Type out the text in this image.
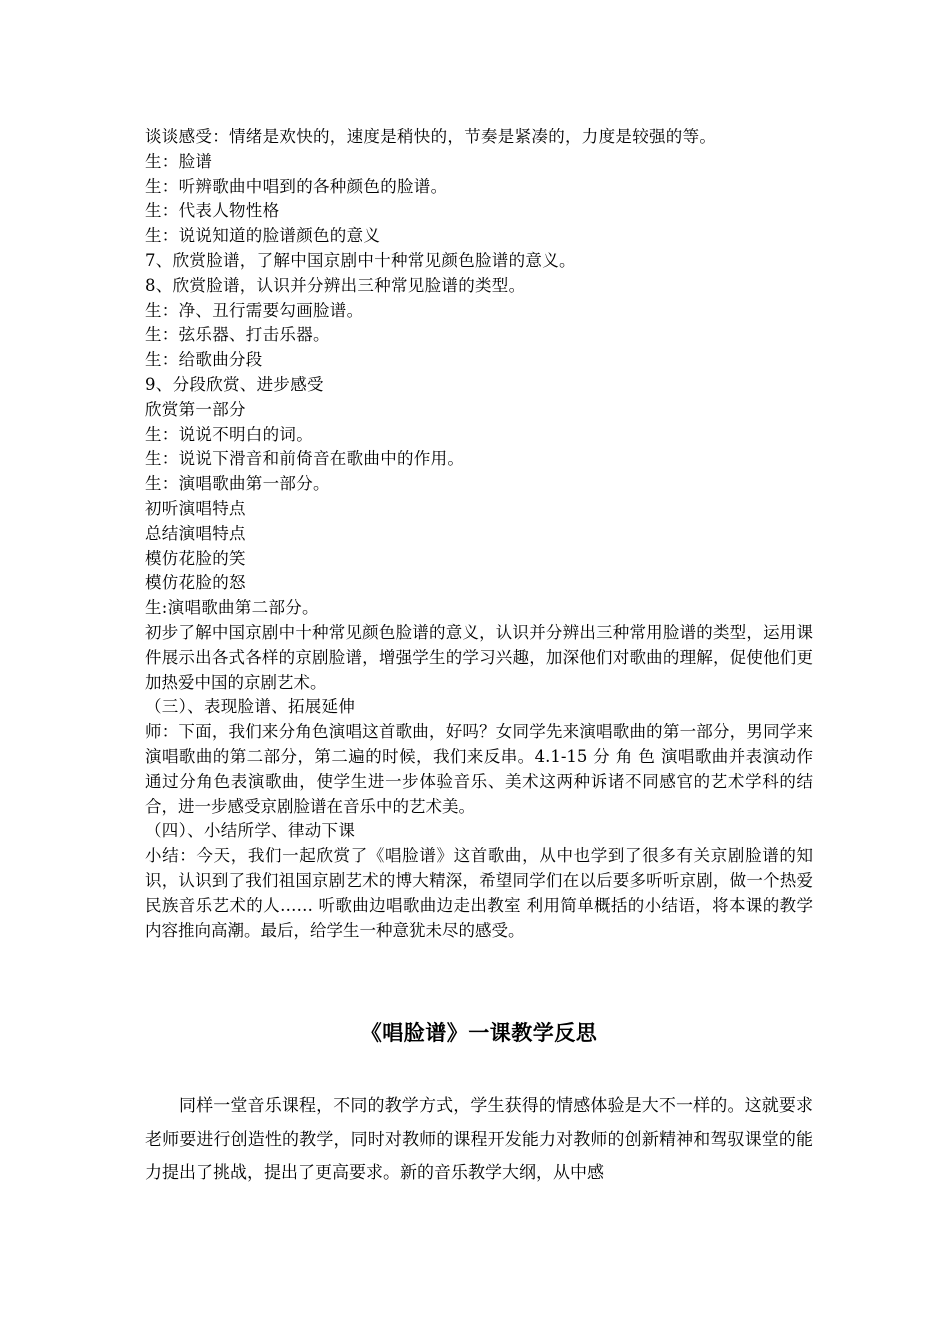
谈谈感受：情绪是欢快的，速度是稍快的，节奏是紧凑的，力度是较强的等。
生：脸谱
生：听辨歌曲中唱到的各种颜色的脸谱。
生：代表人物性格
生：说说知道的脸谱颜色的意义
7、欣赏脸谱，了解中国京剧中十种常见颜色脸谱的意义。
8、欣赏脸谱，认识并分辨出三种常见脸谱的类型。
生：净、丑行需要勾画脸谱。
生：弦乐器、打击乐器。
生：给歌曲分段
9、分段欣赏、进步感受
欣赏第一部分
生：说说不明白的词。
生：说说下滑音和前倚音在歌曲中的作用。
生：演唱歌曲第一部分。
初听演唱特点
总结演唱特点
模仿花脸的笑
模仿花脸的怒
生:演唱歌曲第二部分。
初步了解中国京剧中十种常见颜色脸谱的意义，认识并分辨出三种常用脸谱的类型，运用课件展示出各式各样的京剧脸谱，增强学生的学习兴趣，加深他们对歌曲的理解，促使他们更加热爱中国的京剧艺术。
（三）、表现脸谱、拓展延伸
师：下面，我们来分角色演唱这首歌曲，好吗？女同学先来演唱歌曲的第一部分，男同学来演唱歌曲的第二部分，第二遍的时候，我们来反串。4.1-15 分 角 色 演唱歌曲并表演动作 通过分角色表演歌曲，使学生进一步体验音乐、美术这两种诉诸不同感官的艺术学科的结合，进一步感受京剧脸谱在音乐中的艺术美。
（四）、小结所学、律动下课
小结：今天，我们一起欣赏了《唱脸谱》这首歌曲，从中也学到了很多有关京剧脸谱的知识，认识到了我们祖国京剧艺术的博大精深，希望同学们在以后要多听听京剧，做一个热爱民族音乐艺术的人…… 听歌曲边唱歌曲边走出教室 利用简单概括的小结语，将本课的教学内容推向高潮。最后，给学生一种意犹未尽的感受。
《唱脸谱》一课教学反思
同样一堂音乐课程，不同的教学方式，学生获得的情感体验是大不一样的。这就要求老师要进行创造性的教学，同时对教师的课程开发能力对教师的创新精神和驾驭课堂的能力提出了挑战，提出了更高要求。新的音乐教学大纲，从中感
